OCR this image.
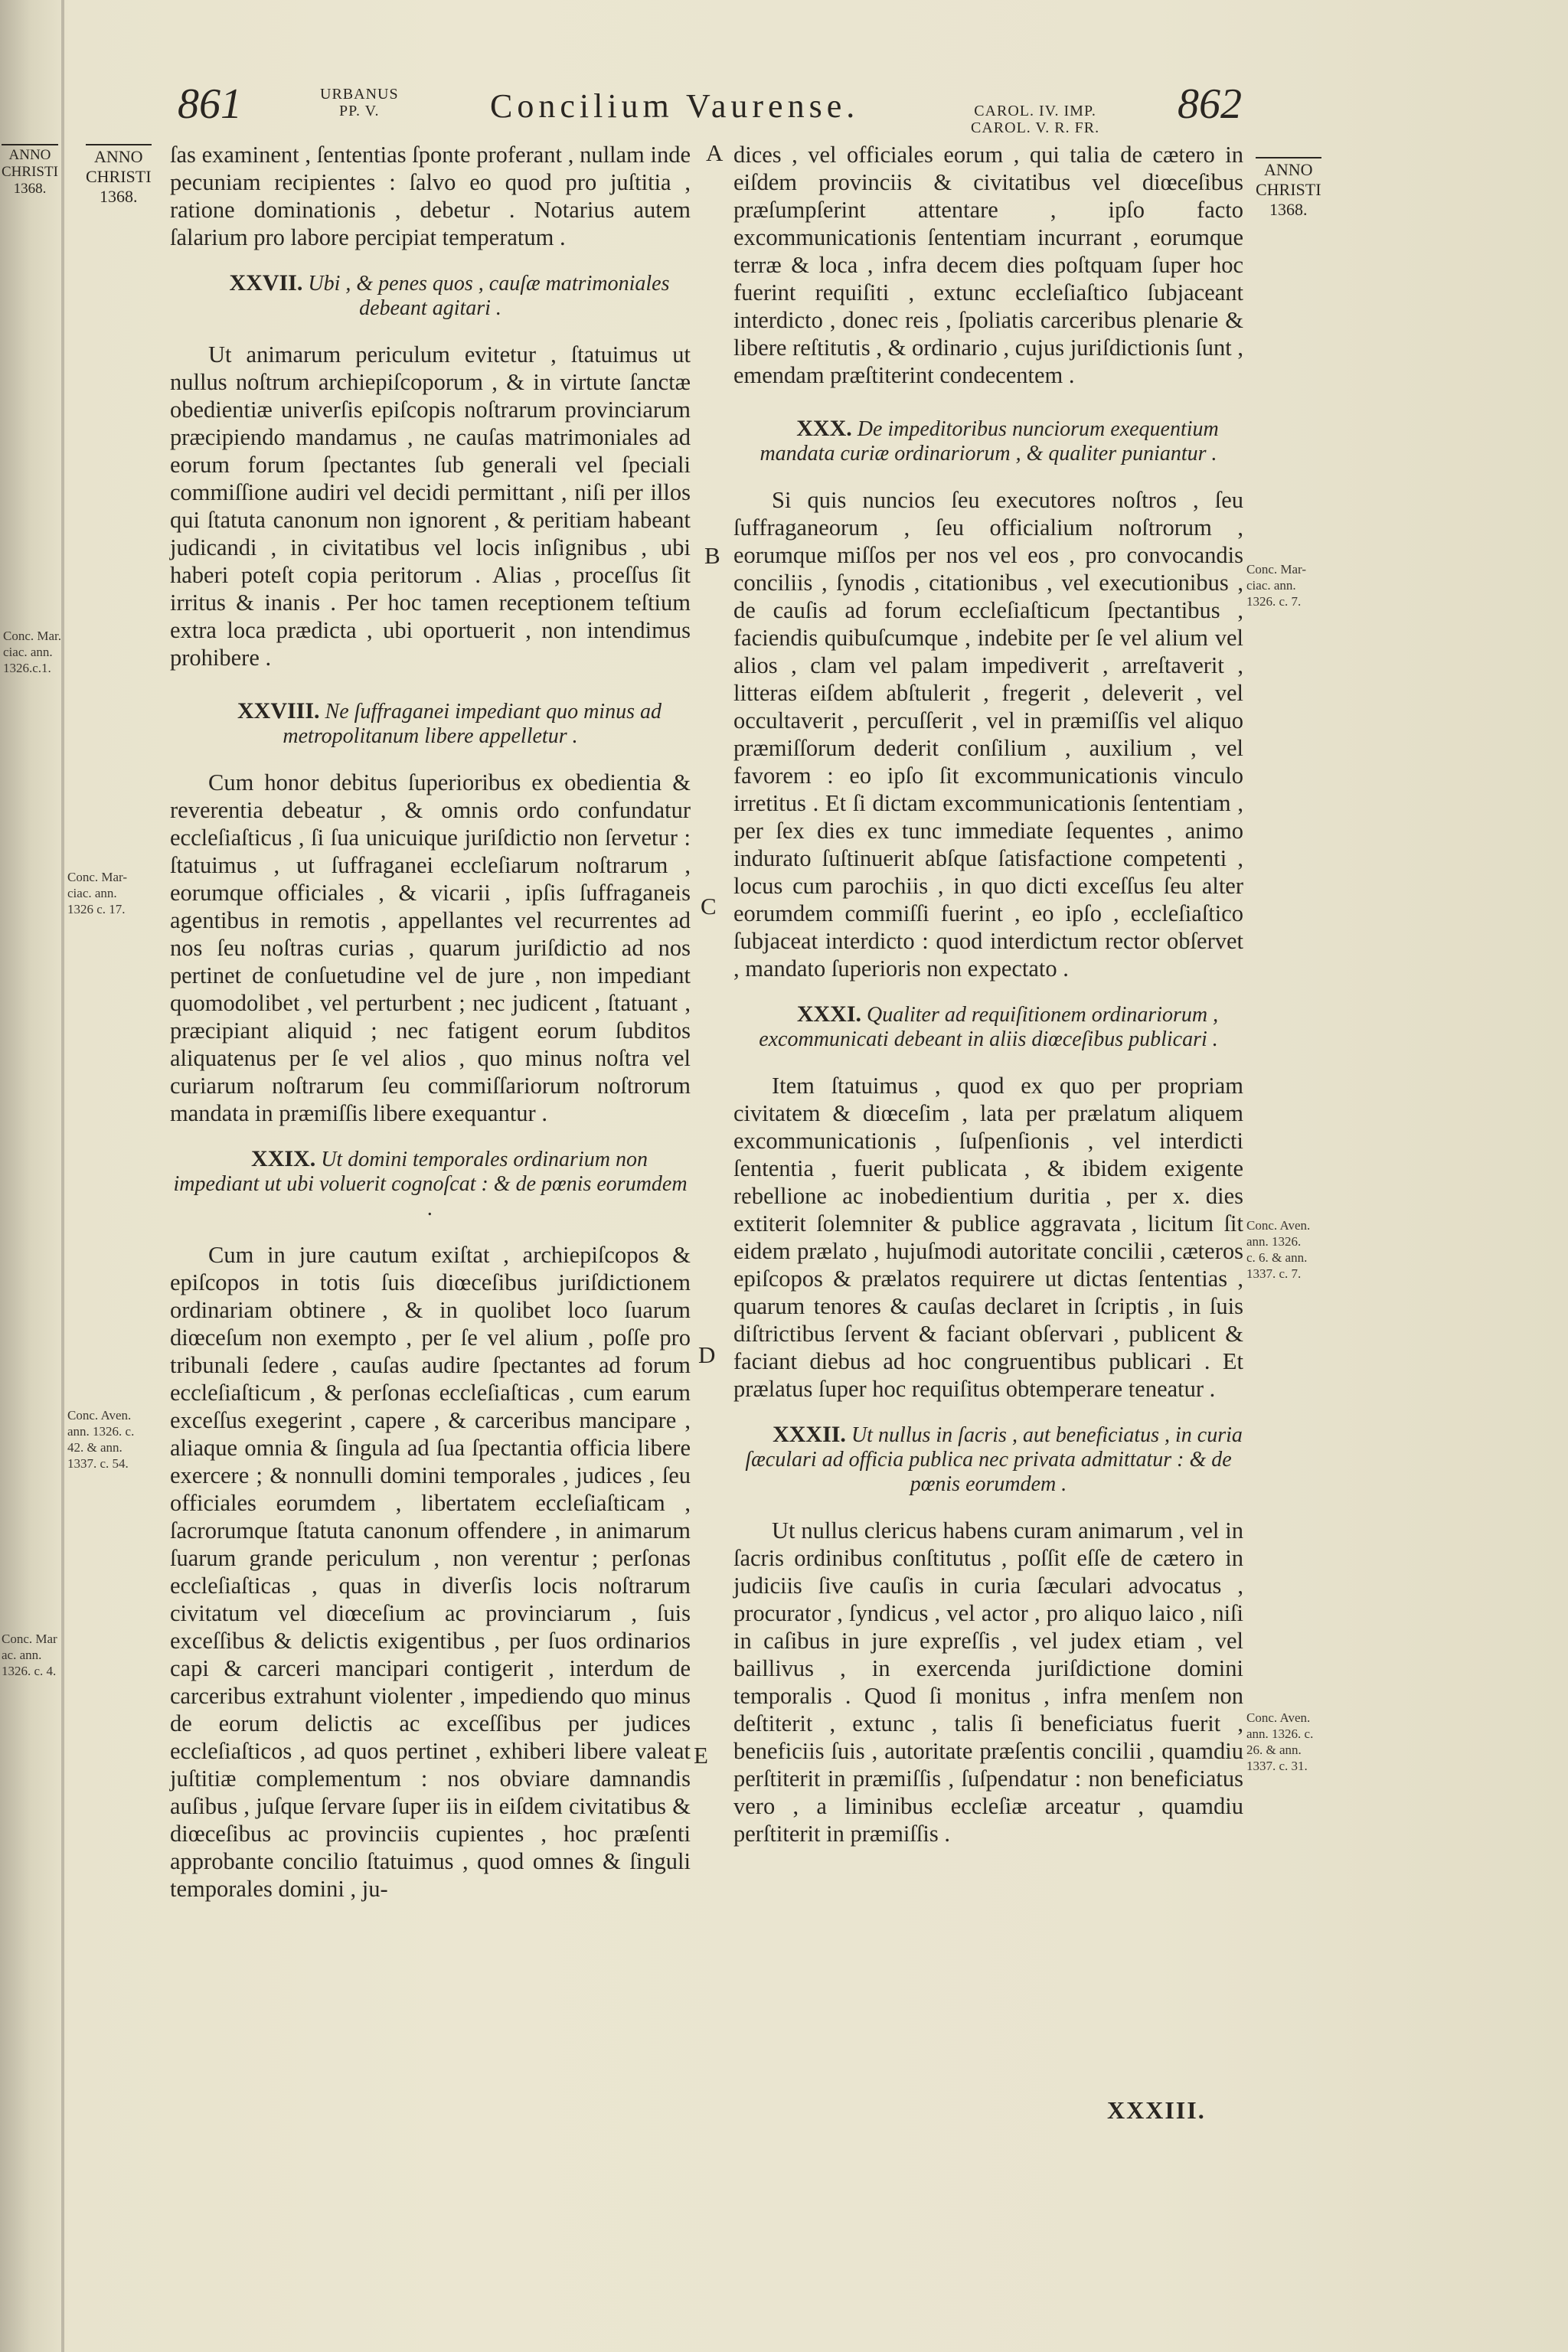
861	URBANUS
PP. V.	Concilium Vaurense.	CAROL. IV. IMP.
CAROL. V. R. FR. 862
ANNO
CHRISTI
1368.
ANNO
CHRISTI
1368.
ANNO
CHRISTI
1368.
Conc. Mar.
ciac. ann.
1326.c.1.
Conc. Mar-
ciac. ann.
1326 c. 17.
Conc. Aven.
ann. 1326. c.
42. & ann.
1337. c. 54.
Conc. Mar
ac. ann.
1326. c. 4.
Conc. Mar-
ciac. ann.
1326. c. 7.
Conc. Aven.
ann. 1326.
c. 6. & ann.
1337. c. 7.
Conc. Aven.
ann. 1326. c.
26. & ann.
1337. c. 31.
A
B
C
D
E

ſas examinent , ſententias ſponte proferant , nullam inde pecuniam recipientes : ſalvo eo quod pro juſtitia , ratione dominationis , debetur . Notarius autem ſalarium pro labore percipiat temperatum .

XXVII. Ubi , & penes quos , cauſæ matrimoniales debeant agitari .

Ut animarum periculum evitetur , ſtatuimus ut nullus noſtrum archiepiſcoporum , & in virtute ſanctæ obedientiæ univerſis epiſcopis noſtrarum provinciarum præcipiendo mandamus , ne cauſas matrimoniales ad eorum forum ſpectantes ſub generali vel ſpeciali commiſſione audiri vel decidi permittant , niſi per illos qui ſtatuta canonum non ignorent , & peritiam habeant judicandi , in civitatibus vel locis inſignibus , ubi haberi poteſt copia peritorum . Alias , proceſſus ſit irritus & inanis . Per hoc tamen receptionem teſtium extra loca prædicta , ubi oportuerit , non intendimus prohibere .

XXVIII. Ne ſuffraganei impediant quo minus ad metropolitanum libere appelletur .

Cum honor debitus ſuperioribus ex obedientia & reverentia debeatur , & omnis ordo confundatur eccleſiaſticus , ſi ſua unicuique juriſdictio non ſervetur : ſtatuimus , ut ſuffraganei eccleſiarum noſtrarum , eorumque officiales , & vicarii , ipſis ſuffraganeis agentibus in remotis , appellantes vel recurrentes ad nos ſeu noſtras curias , quarum juriſdictio ad nos pertinet de conſuetudine vel de jure , non impediant quomodolibet , vel perturbent ; nec judicent , ſtatuant , præcipiant aliquid ; nec fatigent eorum ſubditos aliquatenus per ſe vel alios , quo minus noſtra vel curiarum noſtrarum ſeu commiſſariorum noſtrorum mandata in præmiſſis libere exequantur .

XXIX. Ut domini temporales ordinarium non impediant ut ubi voluerit cognoſcat : & de pœnis eorumdem .

Cum in jure cautum exiſtat , archiepiſcopos & epiſcopos in totis ſuis diœceſibus juriſdictionem ordinariam obtinere , & in quolibet loco ſuarum diœceſum non exempto , per ſe vel alium , poſſe pro tribunali ſedere , cauſas audire ſpectantes ad forum eccleſiaſticum , & perſonas eccleſiaſticas , cum earum exceſſus exegerint , capere , & carceribus mancipare , aliaque omnia & ſingula ad ſua ſpectantia officia libere exercere ; & nonnulli domini temporales , judices , ſeu officiales eorumdem , libertatem eccleſiaſticam , ſacrorumque ſtatuta canonum offendere , in animarum ſuarum grande periculum , non verentur ; perſonas eccleſiaſticas , quas in diverſis locis noſtrarum civitatum vel diœceſium ac provinciarum , ſuis exceſſibus & delictis exigentibus , per ſuos ordinarios capi & carceri mancipari contigerit , interdum de carceribus extrahunt violenter , impediendo quo minus de eorum delictis ac exceſſibus per judices eccleſiaſticos , ad quos pertinet , exhiberi libere valeat juſtitiæ complementum : nos obviare damnandis auſibus , juſque ſervare ſuper iis in eiſdem civitatibus & diœceſibus ac provinciis cupientes , hoc præſenti approbante concilio ſtatuimus , quod omnes & ſinguli temporales domini , ju-

dices , vel officiales eorum , qui talia de cætero in eiſdem provinciis & civitatibus vel diœceſibus præſumpſerint attentare , ipſo facto excommunicationis ſententiam incurrant , eorumque terræ & loca , infra decem dies poſtquam ſuper hoc fuerint requiſiti , extunc eccleſiaſtico ſubjaceant interdicto , donec reis , ſpoliatis carceribus plenarie & libere reſtitutis , & ordinario , cujus juriſdictionis ſunt , emendam præſtiterint condecentem .

XXX. De impeditoribus nunciorum exequentium mandata curiæ ordinariorum , & qualiter puniantur .

Si quis nuncios ſeu executores noſtros , ſeu ſuffraganeorum , ſeu officialium noſtrorum , eorumque miſſos per nos vel eos , pro convocandis conciliis , ſynodis , citationibus , vel executionibus , de cauſis ad forum eccleſiaſticum ſpectantibus , faciendis quibuſcumque , indebite per ſe vel alium vel alios , clam vel palam impediverit , arreſtaverit , litteras eiſdem abſtulerit , fregerit , deleverit , vel occultaverit , percuſſerit , vel in præmiſſis vel aliquo præmiſſorum dederit conſilium , auxilium , vel favorem : eo ipſo ſit excommunicationis vinculo irretitus . Et ſi dictam excommunicationis ſententiam , per ſex dies ex tunc immediate ſequentes , animo indurato ſuſtinuerit abſque ſatisfactione competenti , locus cum parochiis , in quo dicti exceſſus ſeu alter eorumdem commiſſi fuerint , eo ipſo , eccleſiaſtico ſubjaceat interdicto : quod interdictum rector obſervet , mandato ſuperioris non expectato .

XXXI. Qualiter ad requiſitionem ordinariorum , excommunicati debeant in aliis diœceſibus publicari .

Item ſtatuimus , quod ex quo per propriam civitatem & diœceſim , lata per prælatum aliquem excommunicationis , ſuſpenſionis , vel interdicti ſententia , fuerit publicata , & ibidem exigente rebellione ac inobedientium duritia , per x. dies extiterit ſolemniter & publice aggravata , licitum ſit eidem prælato , hujuſmodi autoritate concilii , cæteros epiſcopos & prælatos requirere ut dictas ſententias , quarum tenores & cauſas declaret in ſcriptis , in ſuis diſtrictibus ſervent & faciant obſervari , publicent & faciant diebus ad hoc congruentibus publicari . Et prælatus ſuper hoc requiſitus obtemperare teneatur .

XXXII. Ut nullus in ſacris , aut beneficiatus , in curia ſæculari ad officia publica nec privata admittatur : & de pœnis eorumdem .

Ut nullus clericus habens curam animarum , vel in ſacris ordinibus conſtitutus , poſſit eſſe de cætero in judiciis ſive cauſis in curia ſæculari advocatus , procurator , ſyndicus , vel actor , pro aliquo laico , niſi in caſibus in jure expreſſis , vel judex etiam , vel baillivus , in exercenda juriſdictione domini temporalis . Quod ſi monitus , infra menſem non deſtiterit , extunc , talis ſi beneficiatus fuerit , beneficiis ſuis , autoritate præſentis concilii , quamdiu perſtiterit in præmiſſis , ſuſpendatur : non beneficiatus vero , a liminibus eccleſiæ arceatur , quamdiu perſtiterit in præmiſſis .

XXXIII.
